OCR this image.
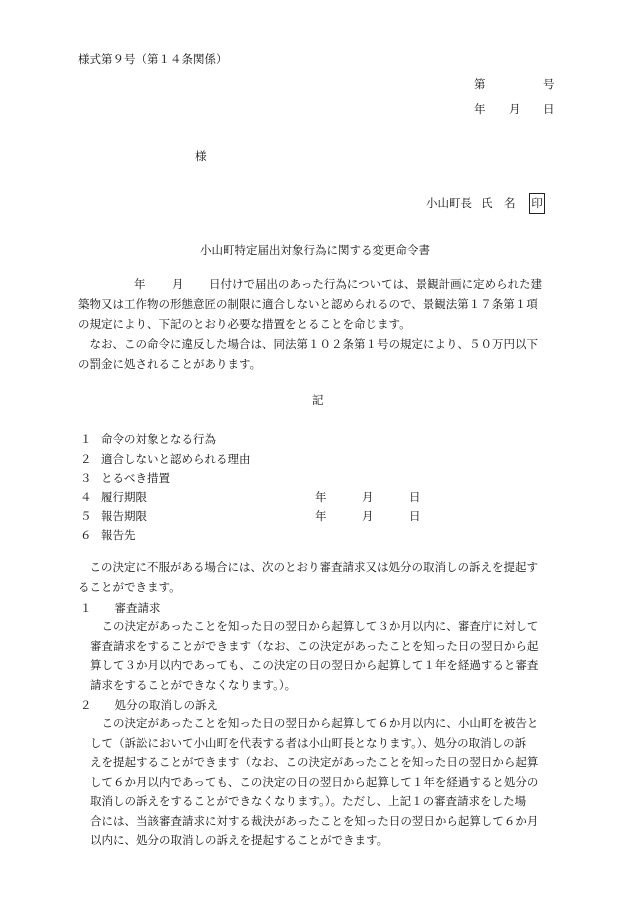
様式第９号（第１４条関係）
第	号
年 月 日
様
小山町長 氏　名 印
小山町特定届出対象行為に関する変更命令書
年 月 日付けで届出のあった行為については、景観計画に定められた建
築物又は工作物の形態意匠の制限に適合しないと認められるので、景観法第１７条第１項
の規定により、下記のとおり必要な措置をとることを命じます。
　なお、この命令に違反した場合は、同法第１０２条第１号の規定により、５０万円以下
の罰金に処されることがあります。
記
１ 命令の対象となる行為
２ 適合しないと認められる理由
３ とるべき措置
４ 履行期限	年	月	日
５ 報告期限	年	月	日
６ 報告先
　この決定に不服がある場合には、次のとおり審査請求又は処分の取消しの訴えを提起す
ることができます。
１　　審査請求
　この決定があったことを知った日の翌日から起算して３か月以内に、審査庁に対して
審査請求をすることができます（なお、この決定があったことを知った日の翌日から起
算して３か月以内であっても、この決定の日の翌日から起算して１年を経過すると審査
請求をすることができなくなります。）。
２　　処分の取消しの訴え
　この決定があったことを知った日の翌日から起算して６か月以内に、小山町を被告と
して（訴訟において小山町を代表する者は小山町長となります。）、処分の取消しの訴
えを提起することができます（なお、この決定があったことを知った日の翌日から起算
して６か月以内であっても、この決定の日の翌日から起算して１年を経過すると処分の
取消しの訴えをすることができなくなります。）。ただし、上記１の審査請求をした場
合には、当該審査請求に対する裁決があったことを知った日の翌日から起算して６か月
以内に、処分の取消しの訴えを提起することができます。
